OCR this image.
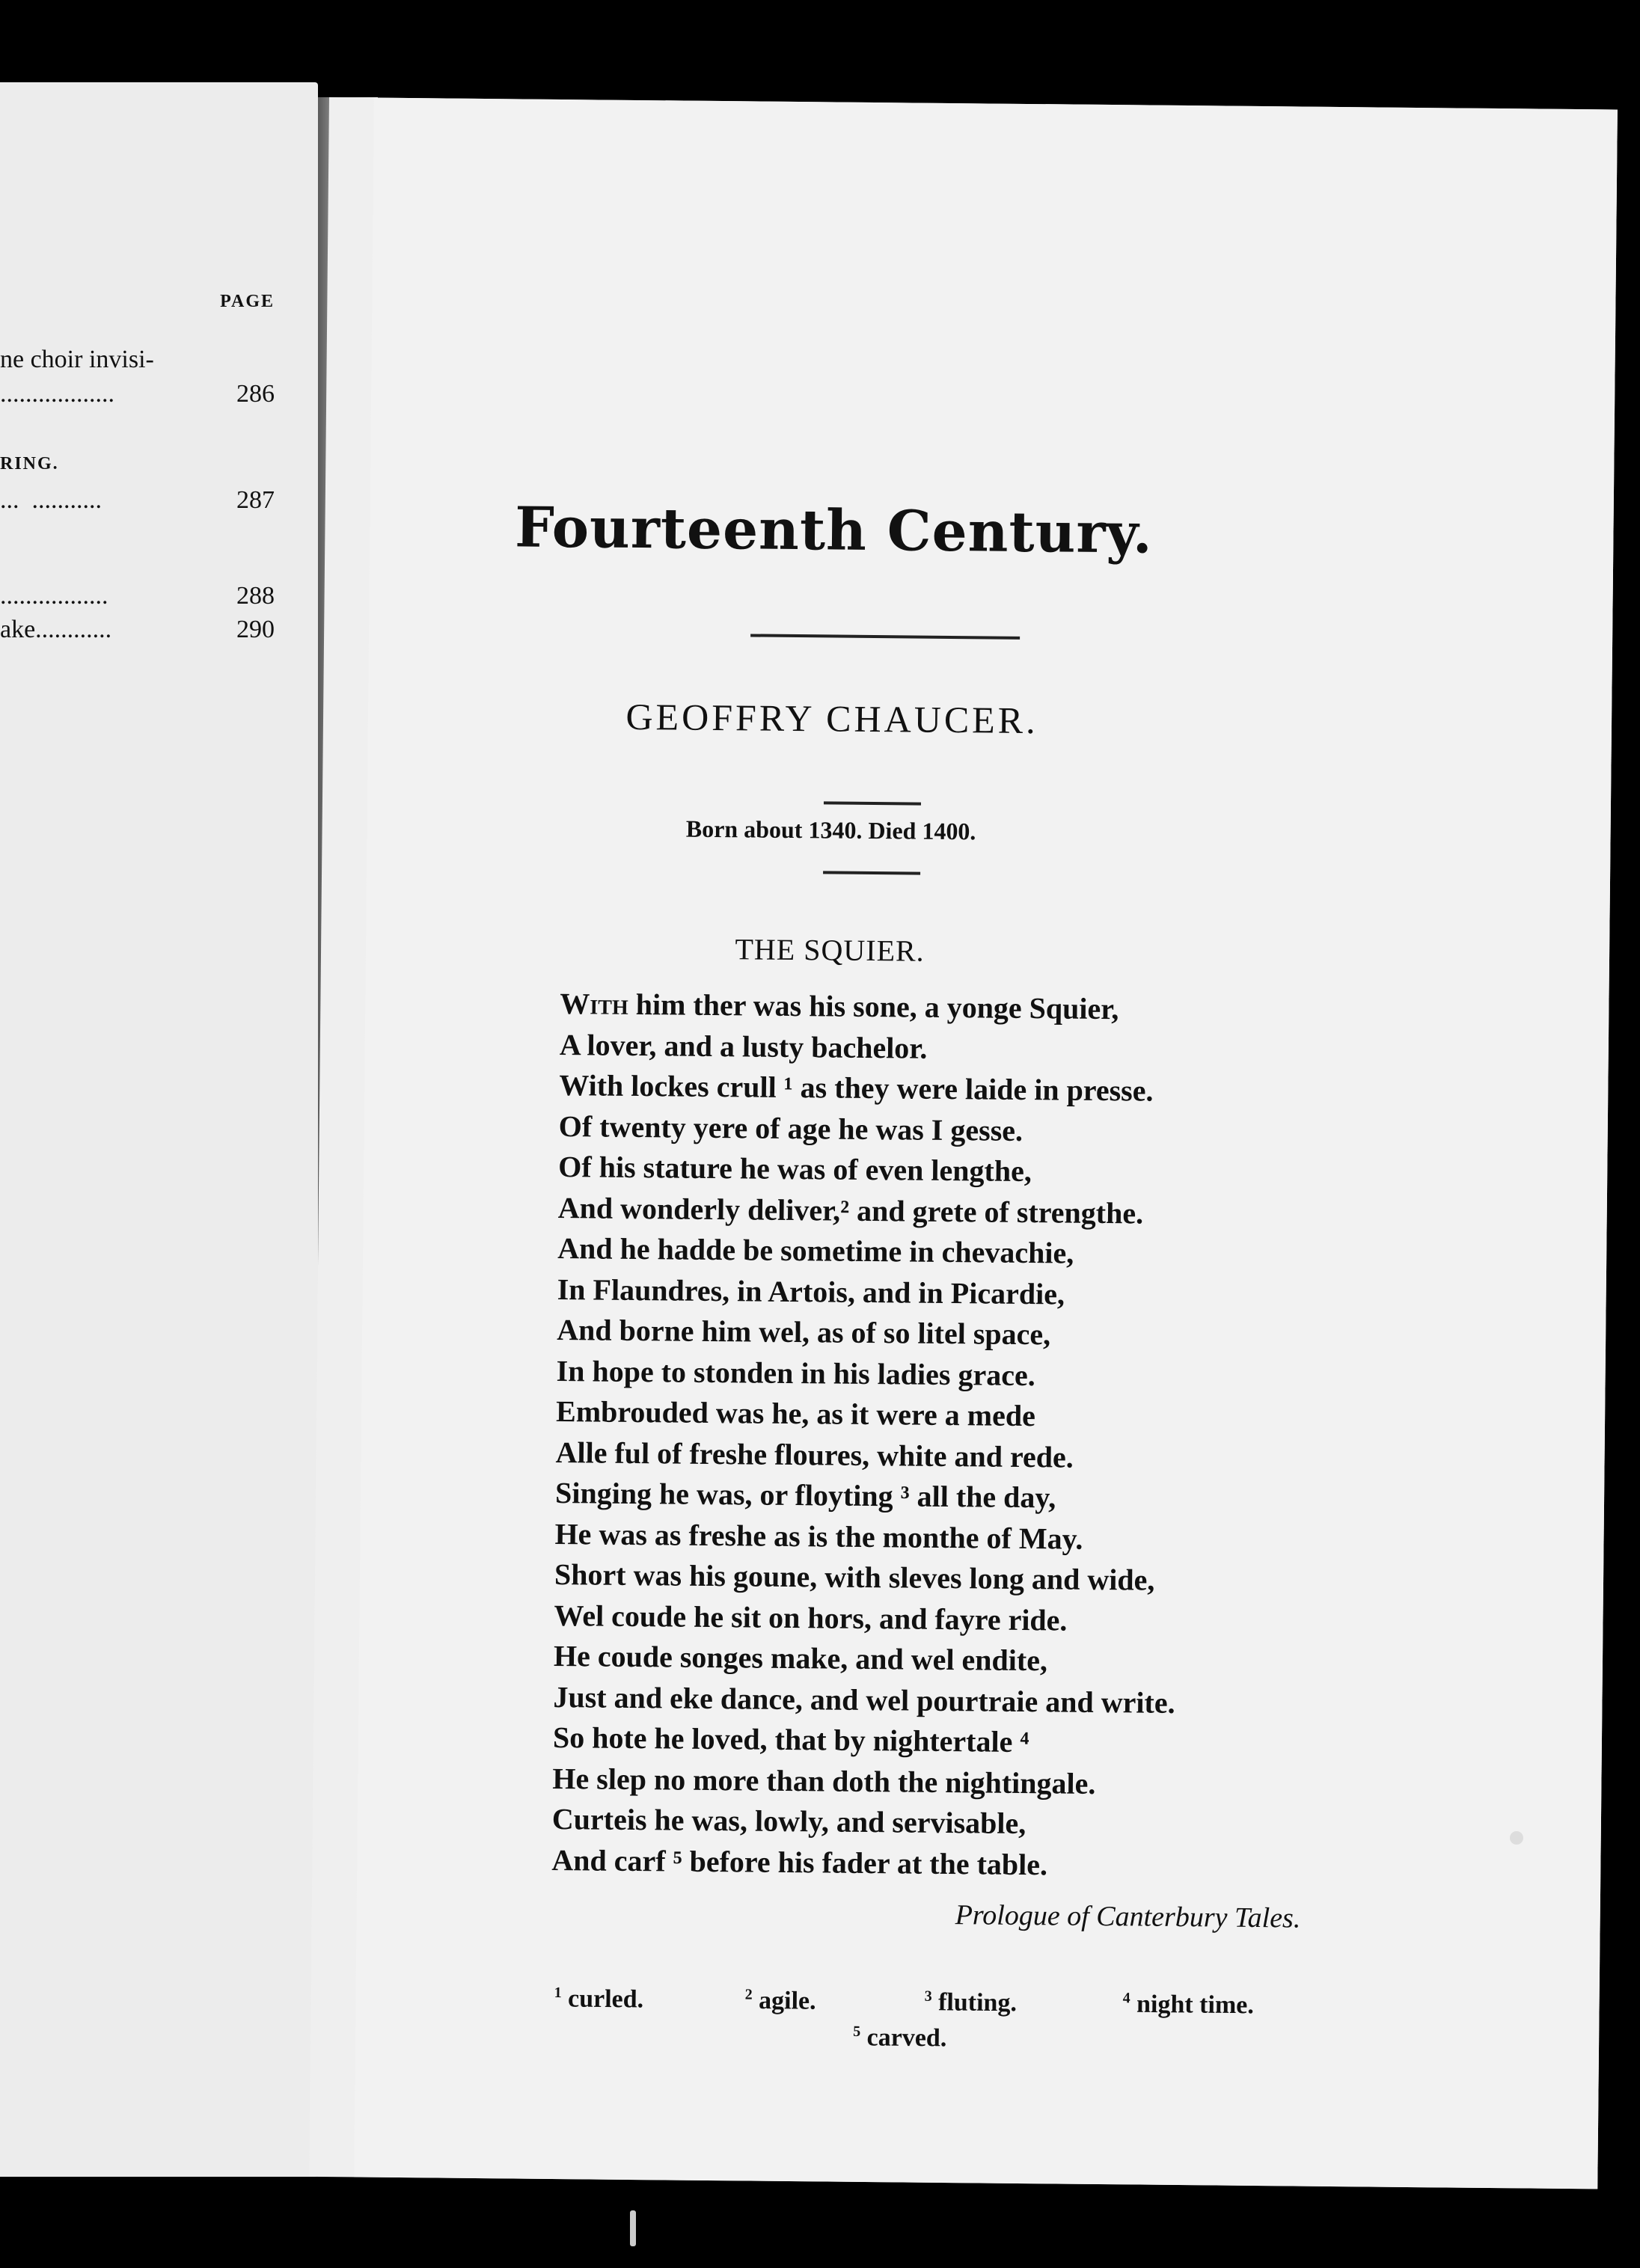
PAGE
ne choir invisi-
..................	286
RING.
...  ...........	287
.................	288
ake............	290
Fourteenth Century.
GEOFFRY CHAUCER.
Born about 1340. Died 1400.
THE SQUIER.
With him ther was his sone, a yonge Squier,
A lover, and a lusty bachelor.
With lockes crull ¹ as they were laide in presse.
Of twenty yere of age he was I gesse.
Of his stature he was of even lengthe,
And wonderly deliver,² and grete of strengthe.
And he hadde be sometime in chevachie,
In Flaundres, in Artois, and in Picardie,
And borne him wel, as of so litel space,
In hope to stonden in his ladies grace.
Embrouded was he, as it were a mede
Alle ful of freshe floures, white and rede.
Singing he was, or floyting ³ all the day,
He was as freshe as is the monthe of May.
Short was his goune, with sleves long and wide,
Wel coude he sit on hors, and fayre ride.
He coude songes make, and wel endite,
Just and eke dance, and wel pourtraie and write.
So hote he loved, that by nightertale ⁴
He slep no more than doth the nightingale.
Curteis he was, lowly, and servisable,
And carf ⁵ before his fader at the table.
Prologue of Canterbury Tales.
$^1$ curled.	$^2$ agile.	$^3$ fluting.	$^4$ night time.
$^5$ carved.
